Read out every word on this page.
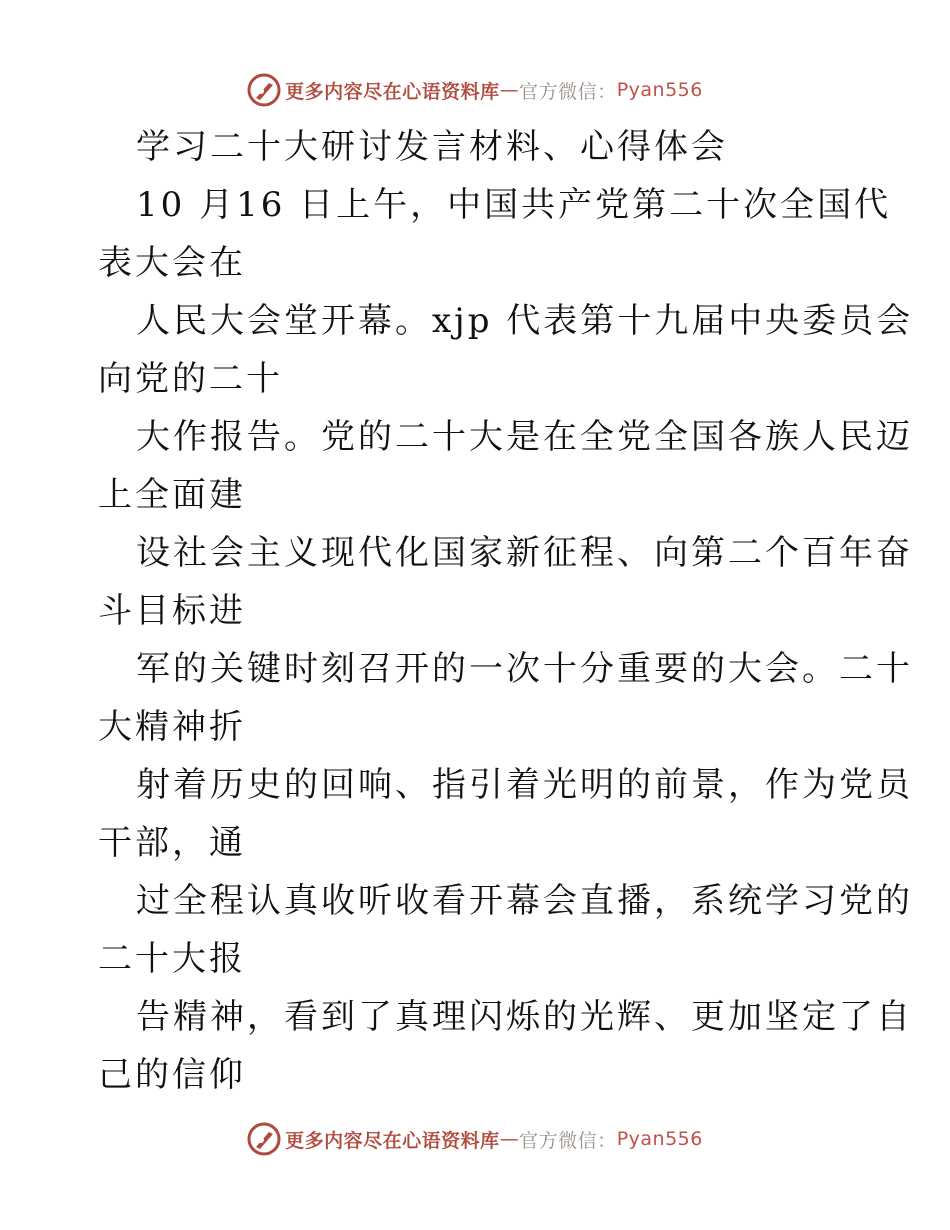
更多内容尽在心语资料库 — 官方微信： Pyan556
学习二十大研讨发言材料、心得体会
10 月16 日上午，中国共产党第二十次全国代
表大会在
人民大会堂开幕。xjp 代表第十九届中央委员会
向党的二十
大作报告。党的二十大是在全党全国各族人民迈
上全面建
设社会主义现代化国家新征程、向第二个百年奋
斗目标进
军的关键时刻召开的一次十分重要的大会。二十
大精神折
射着历史的回响、指引着光明的前景，作为党员
干部，通
过全程认真收听收看开幕会直播，系统学习党的
二十大报
告精神，看到了真理闪烁的光辉、更加坚定了自
己的信仰
更多内容尽在心语资料库 — 官方微信： Pyan556
